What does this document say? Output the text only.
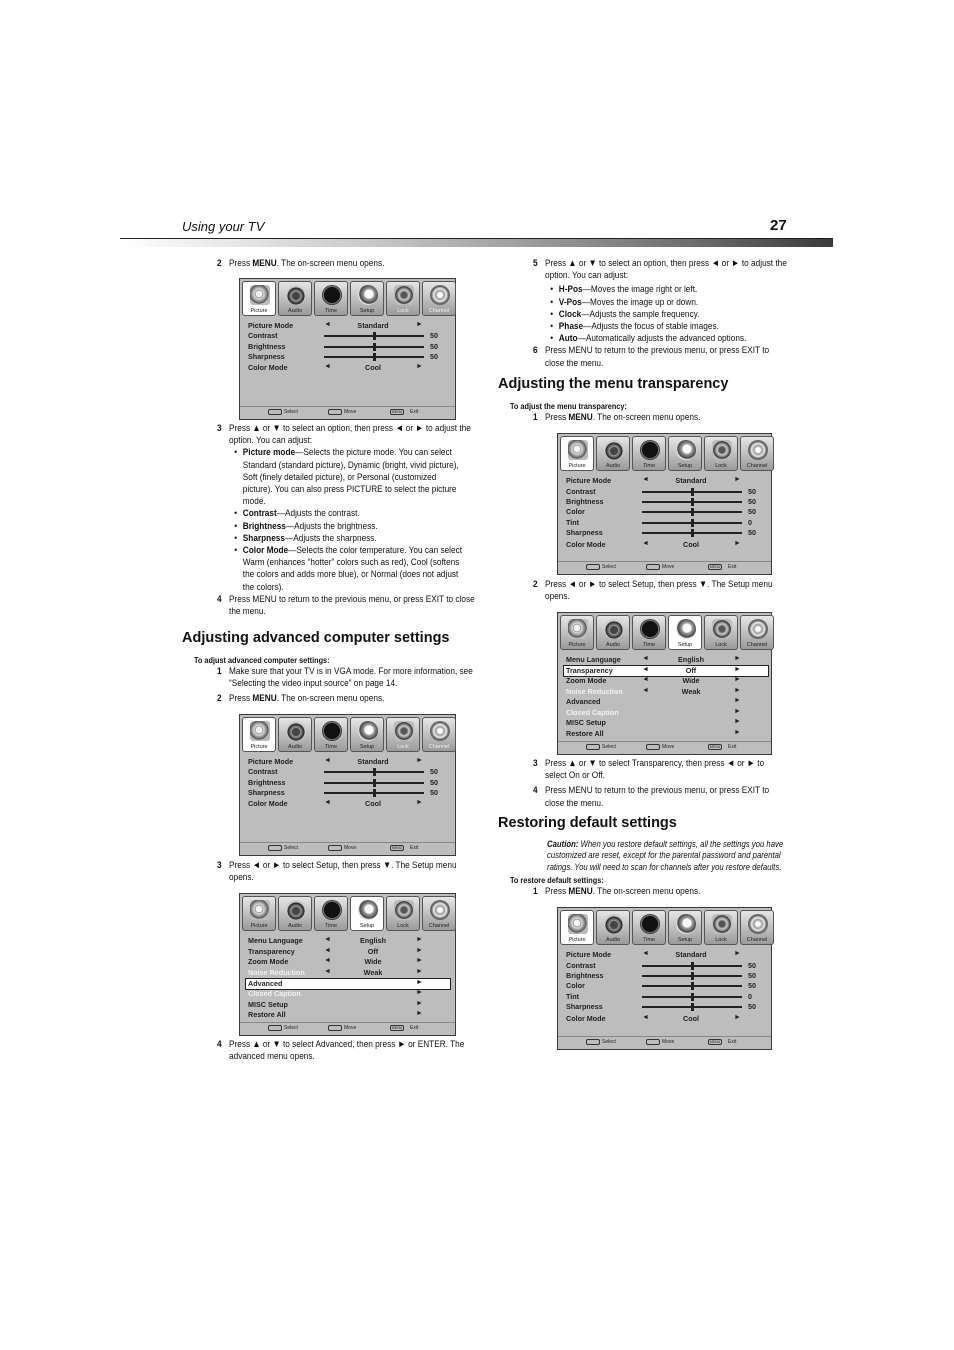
Using your TV	27
2 Press MENU. The on-screen menu opens.
Picture	Audio	Time	Setup	Lock	Channel
Picture Mode	◄	Standard	►
Contrast	50
Brightness	50
Sharpness	50
Color Mode	◄	Cool	►
Select	Move	MENU	Exit
3 Press ▲ or ▼ to select an option, then press ◄ or ► to adjust the option. You can adjust:
• Picture mode—Selects the picture mode. You can select Standard (standard picture), Dynamic (bright, vivid picture), Soft (finely detailed picture), or Personal (customized picture). You can also press PICTURE to select the picture mode.
• Contrast—Adjusts the contrast.
• Brightness—Adjusts the brightness.
• Sharpness—Adjusts the sharpness.
• Color Mode—Selects the color temperature. You can select Warm (enhances “hotter” colors such as red), Cool (softens the colors and adds more blue), or Normal (does not adjust the colors).
4 Press MENU to return to the previous menu, or press EXIT to close the menu.
Adjusting advanced computer settings
To adjust advanced computer settings:
1 Make sure that your TV is in VGA mode. For more information, see “Selecting the video input source” on page 14.
2 Press MENU. The on-screen menu opens.
Picture	Audio	Time	Setup	Lock	Channel
Picture Mode	◄	Standard	►
Contrast	50
Brightness	50
Sharpness	50
Color Mode	◄	Cool	►
Select	Move	MENU	Exit
3 Press ◄ or ► to select Setup, then press ▼. The Setup menu opens.
Picture	Audio	Time	Setup	Lock	Channel
Menu Language	◄	English	►
Transparency	◄	Off	►
Zoom Mode	◄	Wide	►
Noise Reduction	◄	Weak	►
Advanced	►
Closed Caption	►
MISC Setup	►
Restore All	►
Select	Move	MENU	Exit
4 Press ▲ or ▼ to select Advanced, then press ► or ENTER. The advanced menu opens.
5 Press ▲ or ▼ to select an option, then press ◄ or ► to adjust the option. You can adjust:
• H-Pos—Moves the image right or left.
• V-Pos—Moves the image up or down.
• Clock—Adjusts the sample frequency.
• Phase—Adjusts the focus of stable images.
• Auto—Automatically adjusts the advanced options.
6 Press MENU to return to the previous menu, or press EXIT to close the menu.
Adjusting the menu transparency
To adjust the menu transparency:
1 Press MENU. The on-screen menu opens.
Picture	Audio	Time	Setup	Lock	Channel
Picture Mode	◄	Standard	►
Contrast	50
Brightness	50
Color	50
Tint	0
Sharpness	50
Color Mode	◄	Cool	►
Select	Move	MENU	Exit
2 Press ◄ or ► to select Setup, then press ▼. The Setup menu opens.
Picture	Audio	Time	Setup	Lock	Channel
Menu Language	◄	English	►
Transparency	◄	Off	►
Zoom Mode	◄	Wide	►
Noise Reduction	◄	Weak	►
Advanced	►
Closed Caption	►
MISC Setup	►
Restore All	►
Select	Move	MENU	Exit
3 Press ▲ or ▼ to select Transparency, then press ◄ or ► to select On or Off.
4 Press MENU to return to the previous menu, or press EXIT to close the menu.
Restoring default settings
Caution: When you restore default settings, all the settings you have customized are reset, except for the parental password and parental ratings. You will need to scan for channels after you restore defaults.
To restore default settings:
1 Press MENU. The on-screen menu opens.
Picture	Audio	Time	Setup	Lock	Channel
Picture Mode	◄	Standard	►
Contrast	50
Brightness	50
Color	50
Tint	0
Sharpness	50
Color Mode	◄	Cool	►
Select	Move	MENU	Exit
